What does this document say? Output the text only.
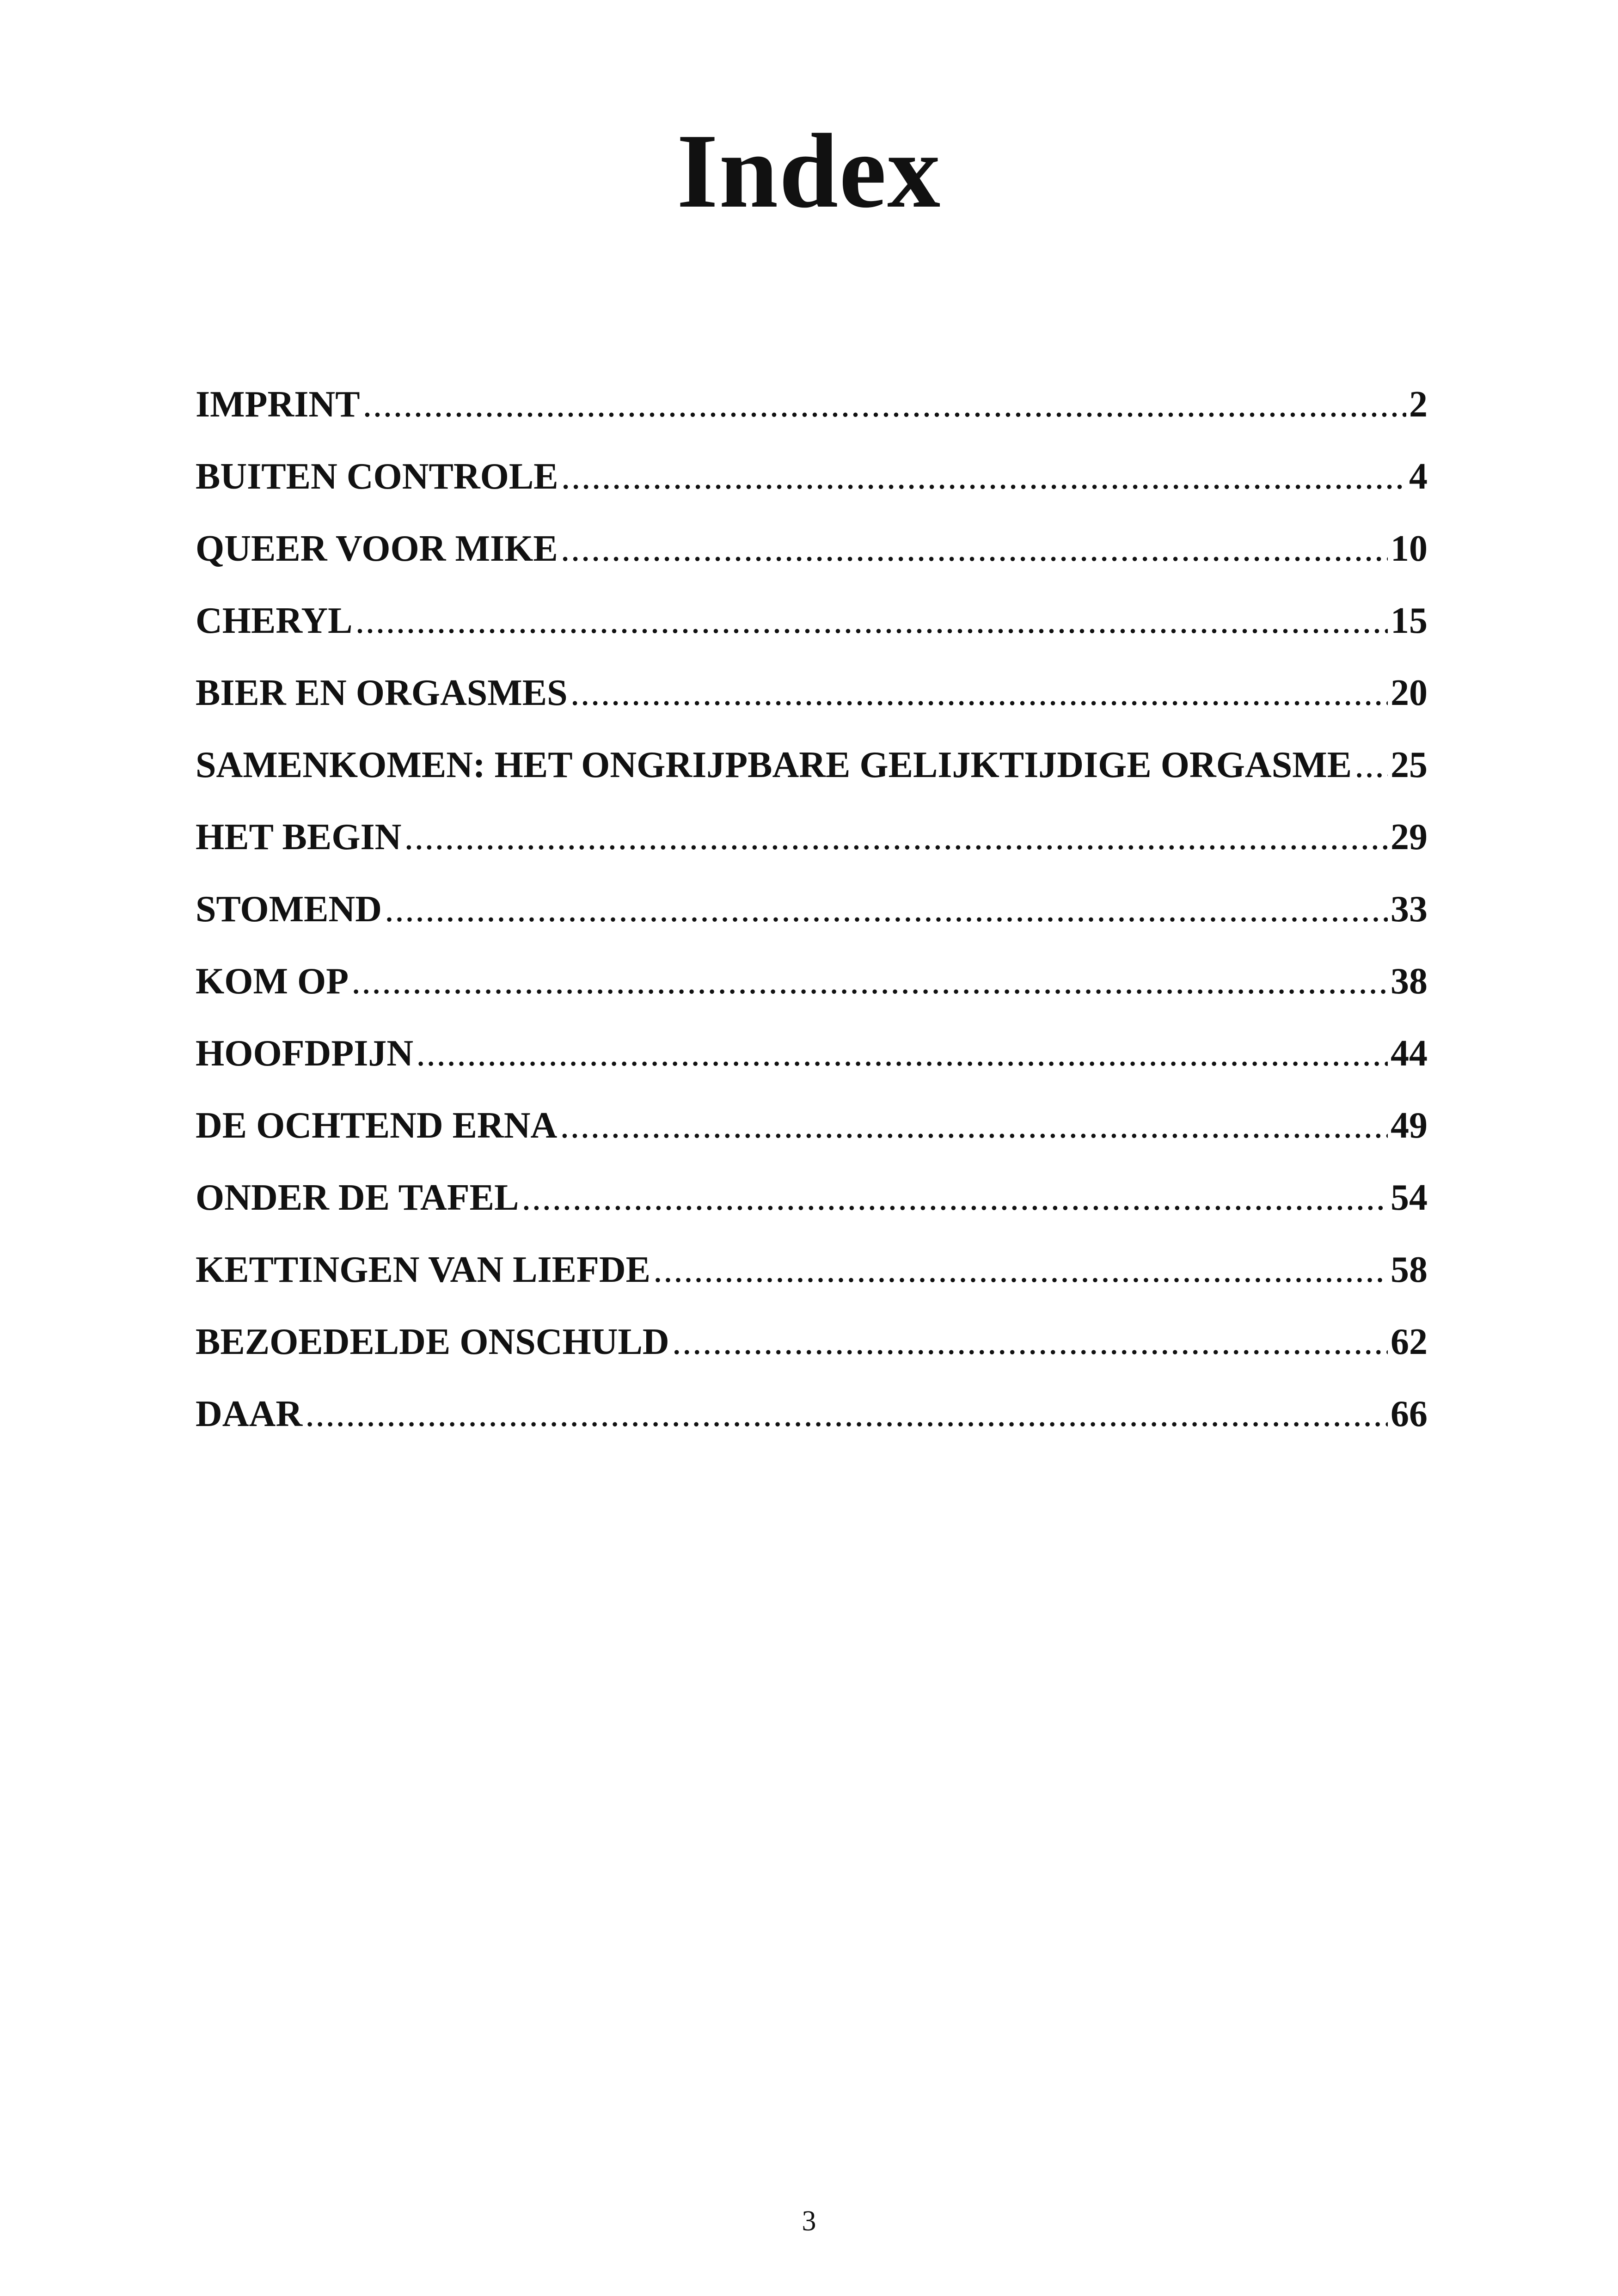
Index
IMPRINT .....	2
BUITEN CONTROLE .....	4
QUEER VOOR MIKE .....	10
CHERYL .....	15
BIER EN ORGASMES .....	20
SAMENKOMEN: HET ONGRIJPBARE GELIJKTIJDIGE ORGASME ..... 25
HET BEGIN .....	29
STOMEND .....	33
KOM OP .....	38
HOOFDPIJN .....	44
DE OCHTEND ERNA .....	49
ONDER DE TAFEL .....	54
KETTINGEN VAN LIEFDE .....	58
BEZOEDELDE ONSCHULD .....	62
DAAR .....	66

3
